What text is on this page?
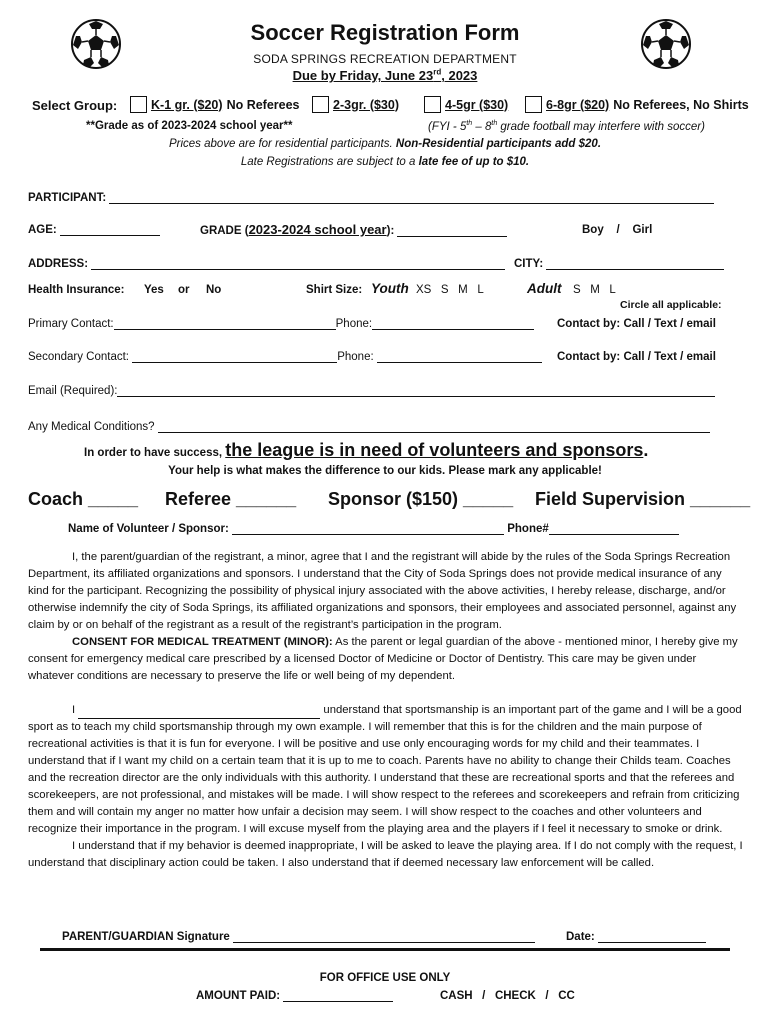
Soccer Registration Form
SODA SPRINGS RECREATION DEPARTMENT
Due by Friday, June 23rd, 2023
Select Group:	K-1 gr. ($20) No Referees	2-3gr. ($30)	4-5gr ($30)	6-8gr ($20) No Referees, No Shirts
**Grade as of 2023-2024 school year**	(FYI - 5th – 8th grade football may interfere with soccer)
Prices above are for residential participants. Non-Residential participants add $20.
Late Registrations are subject to a late fee of up to $10.
PARTICIPANT:
AGE:	GRADE (2023-2024 school year):	Boy    /    Girl
ADDRESS:	CITY:
Health Insurance: Yes or No	Shirt Size: Youth XS   S   M   L	Adult S   M   L
Circle all applicable:
Primary Contact:	Phone:	Contact by: Call / Text / email
Secondary Contact:	Phone:	Contact by: Call / Text / email
Email (Required):
Any Medical Conditions?
In order to have success, the league is in need of volunteers and sponsors.
Your help is what makes the difference to our kids. Please mark any applicable!
Coach _____ Referee ______ Sponsor ($150) _____ Field Supervision ______
Name of Volunteer / Sponsor:	Phone#

I, the parent/guardian of the registrant, a minor, agree that I and the registrant will abide by the rules of the Soda Springs Recreation Department, its affiliated organizations and sponsors. I understand that the City of Soda Springs does not provide medical insurance of any kind for the participant. Recognizing the possibility of physical injury associated with the above activities, I hereby release, discharge, and/or otherwise indemnify the city of Soda Springs, its affiliated organizations and sponsors, their employees and associated personnel, against any claim by or on behalf of the registrant as a result of the registrant’s participation in the program.

CONSENT FOR MEDICAL TREATMENT (MINOR): As the parent or legal guardian of the above - mentioned minor, I hereby give my consent for emergency medical care prescribed by a licensed Doctor of Medicine or Doctor of Dentistry. This care may be given under whatever conditions are necessary to preserve the life or well being of my dependent.

I	understand that sportsmanship is an important part of the game and I will be a good sport as to teach my child sportsmanship through my own example. I will remember that this is for the children and the main purpose of recreational activities is that it is fun for everyone. I will be positive and use only encouraging words for my child and their teammates. I understand that if I want my child on a certain team that it is up to me to coach. Parents have no ability to change their Childs team. Coaches and the recreation director are the only individuals with this authority. I understand that these are recreational sports and that the referees and scorekeepers, are not professional, and mistakes will be made. I will show respect to the referees and scorekeepers and refrain from criticizing them and will contain my anger no matter how unfair a decision may seem. I will show respect to the coaches and other volunteers and recognize their importance in the program. I will excuse myself from the playing area and the players if I feel it necessary to smoke or drink.

I understand that if my behavior is deemed inappropriate, I will be asked to leave the playing area. If I do not comply with the request, I understand that disciplinary action could be taken. I also understand that if deemed necessary law enforcement will be called.

PARENT/GUARDIAN Signature	Date:
FOR OFFICE USE ONLY
AMOUNT PAID:	CASH   /   CHECK   /   CC
